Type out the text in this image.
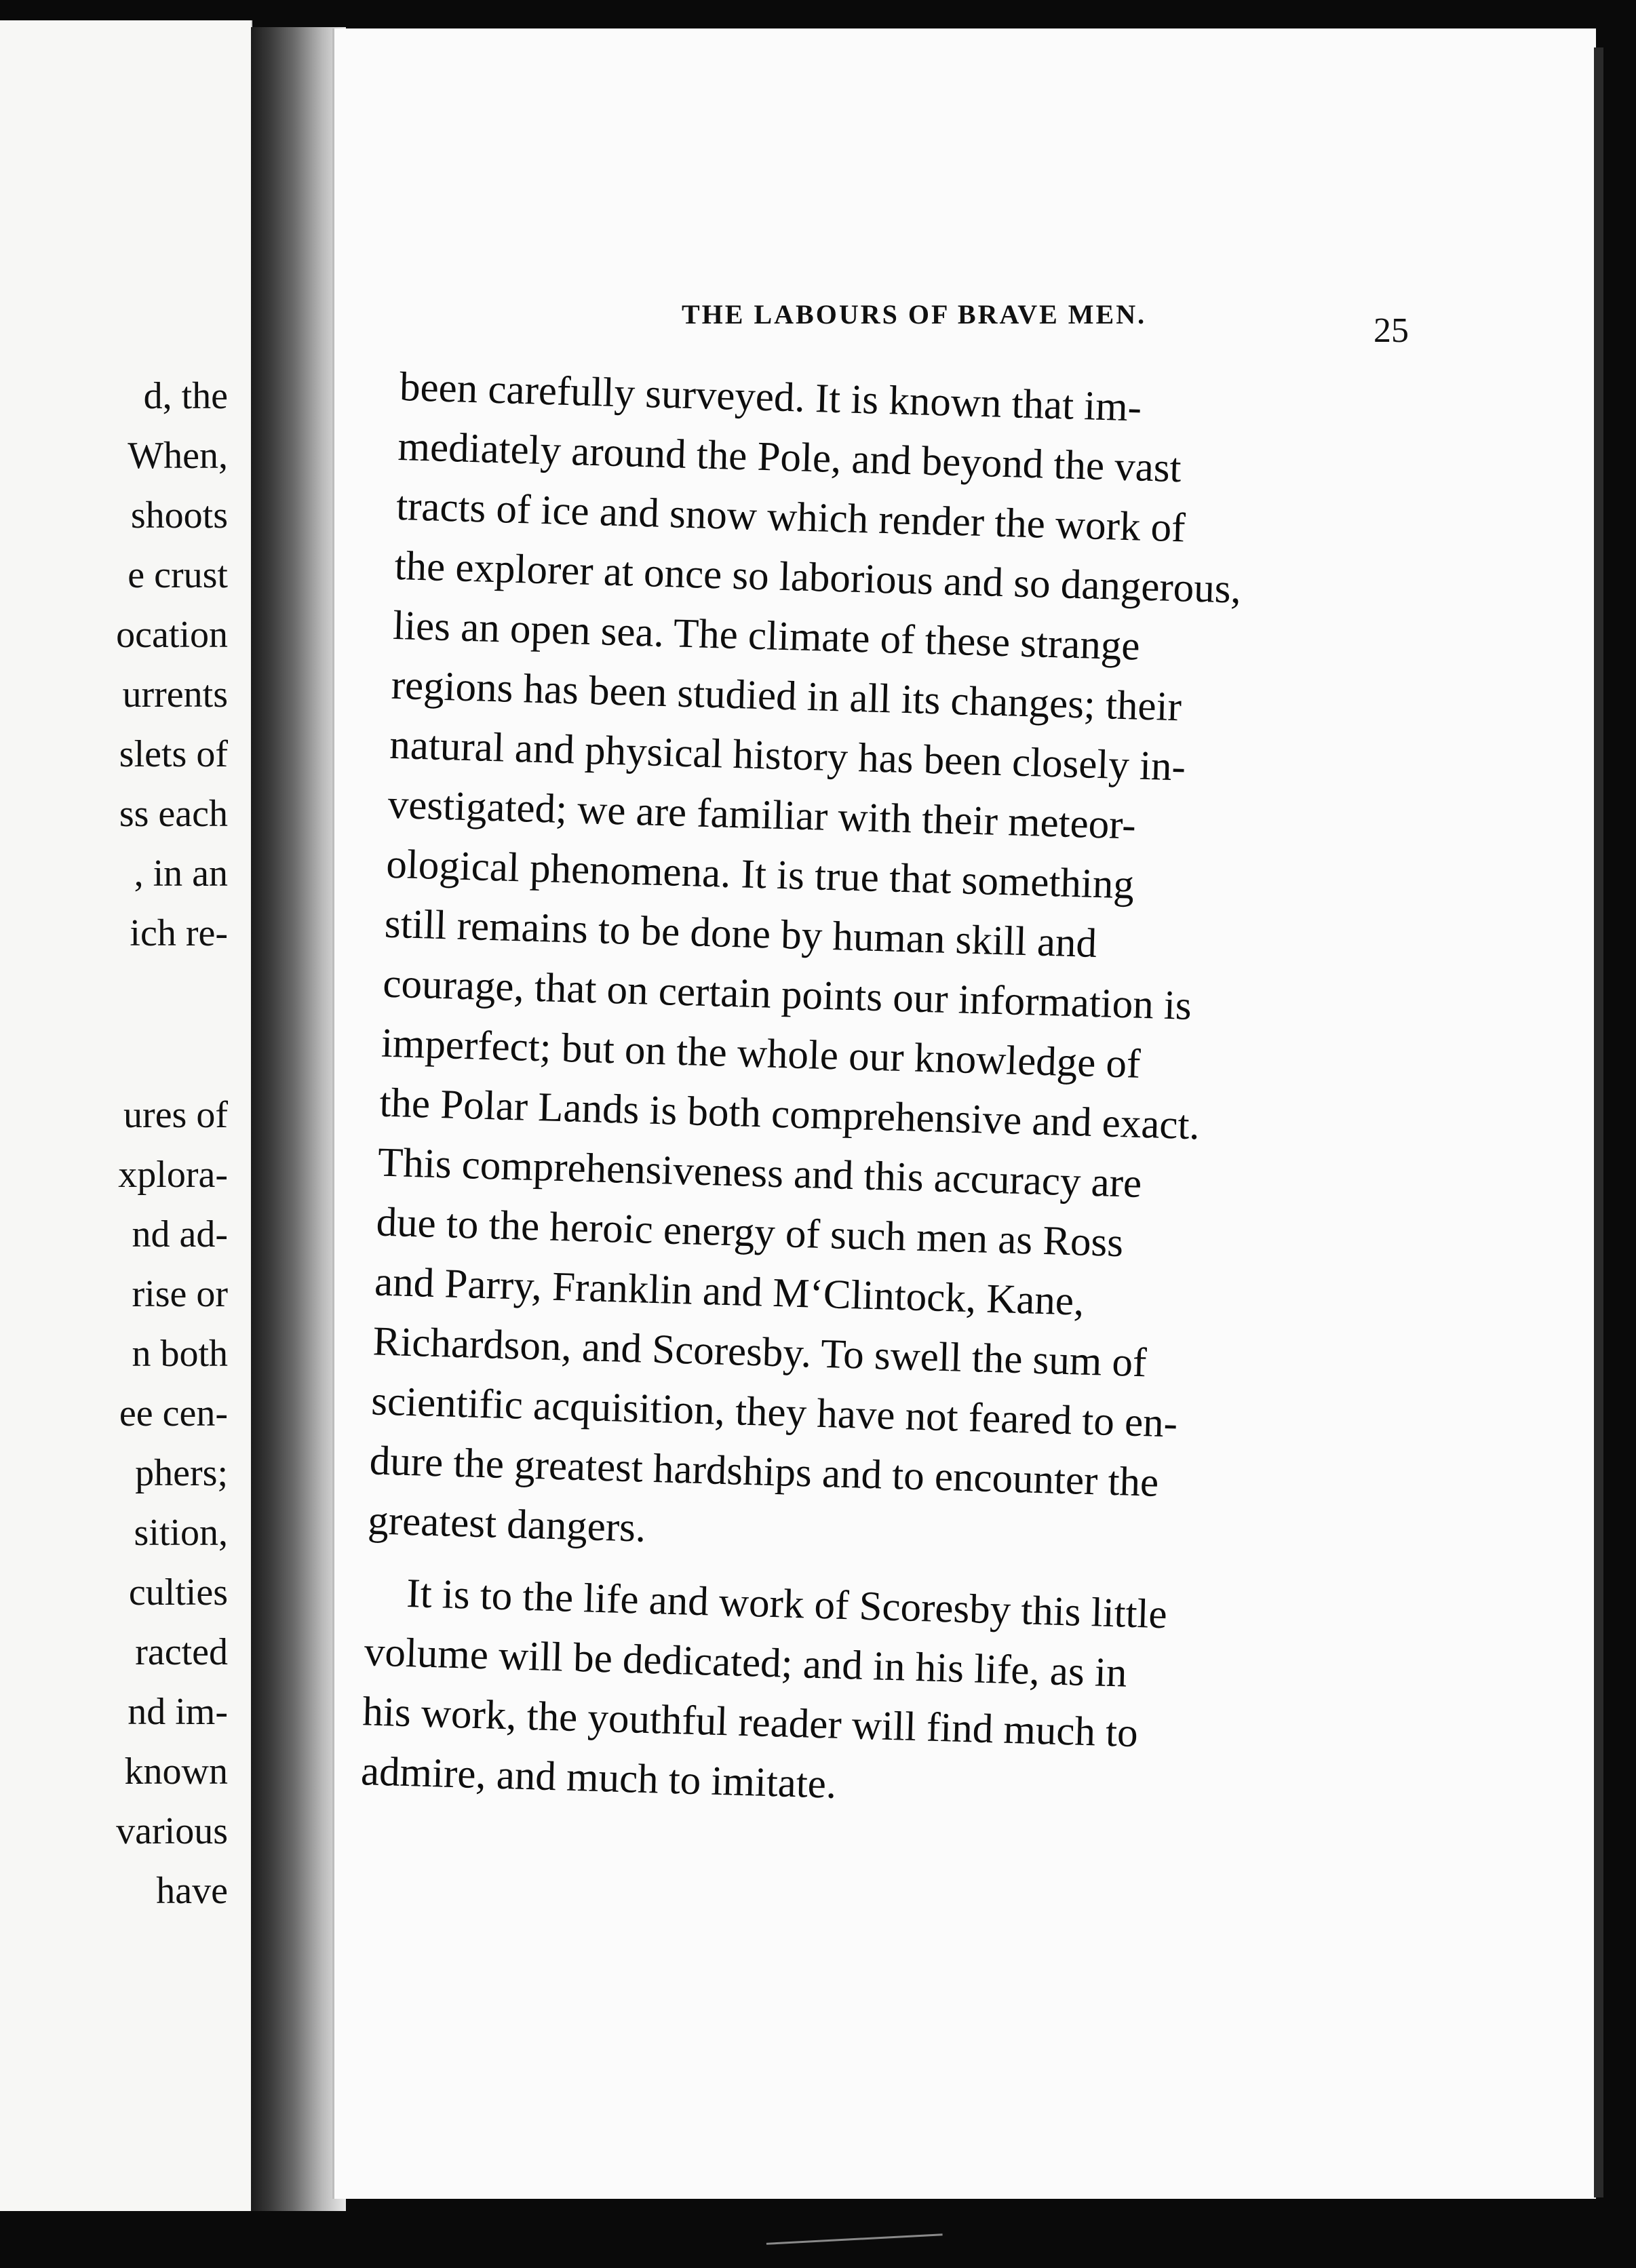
d, the
When,
shoots
e crust
ocation
urrents
slets of
ss each
, in an
ich re-
ures of
xplora-
nd ad-
rise or
n both
ee cen-
phers;
sition,
culties
racted
nd im-
known
various
have
THE LABOURS OF BRAVE MEN.	25
been carefully surveyed. It is known that im-
mediately around the Pole, and beyond the vast
tracts of ice and snow which render the work of
the explorer at once so laborious and so dangerous,
lies an open sea. The climate of these strange
regions has been studied in all its changes; their
natural and physical history has been closely in-
vestigated; we are familiar with their meteor-
ological phenomena. It is true that something
still remains to be done by human skill and
courage, that on certain points our information is
imperfect; but on the whole our knowledge of
the Polar Lands is both comprehensive and exact.
This comprehensiveness and this accuracy are
due to the heroic energy of such men as Ross
and Parry, Franklin and M‘Clintock, Kane,
Richardson, and Scoresby. To swell the sum of
scientific acquisition, they have not feared to en-
dure the greatest hardships and to encounter the
greatest dangers.
It is to the life and work of Scoresby this little
volume will be dedicated; and in his life, as in
his work, the youthful reader will find much to
admire, and much to imitate.
